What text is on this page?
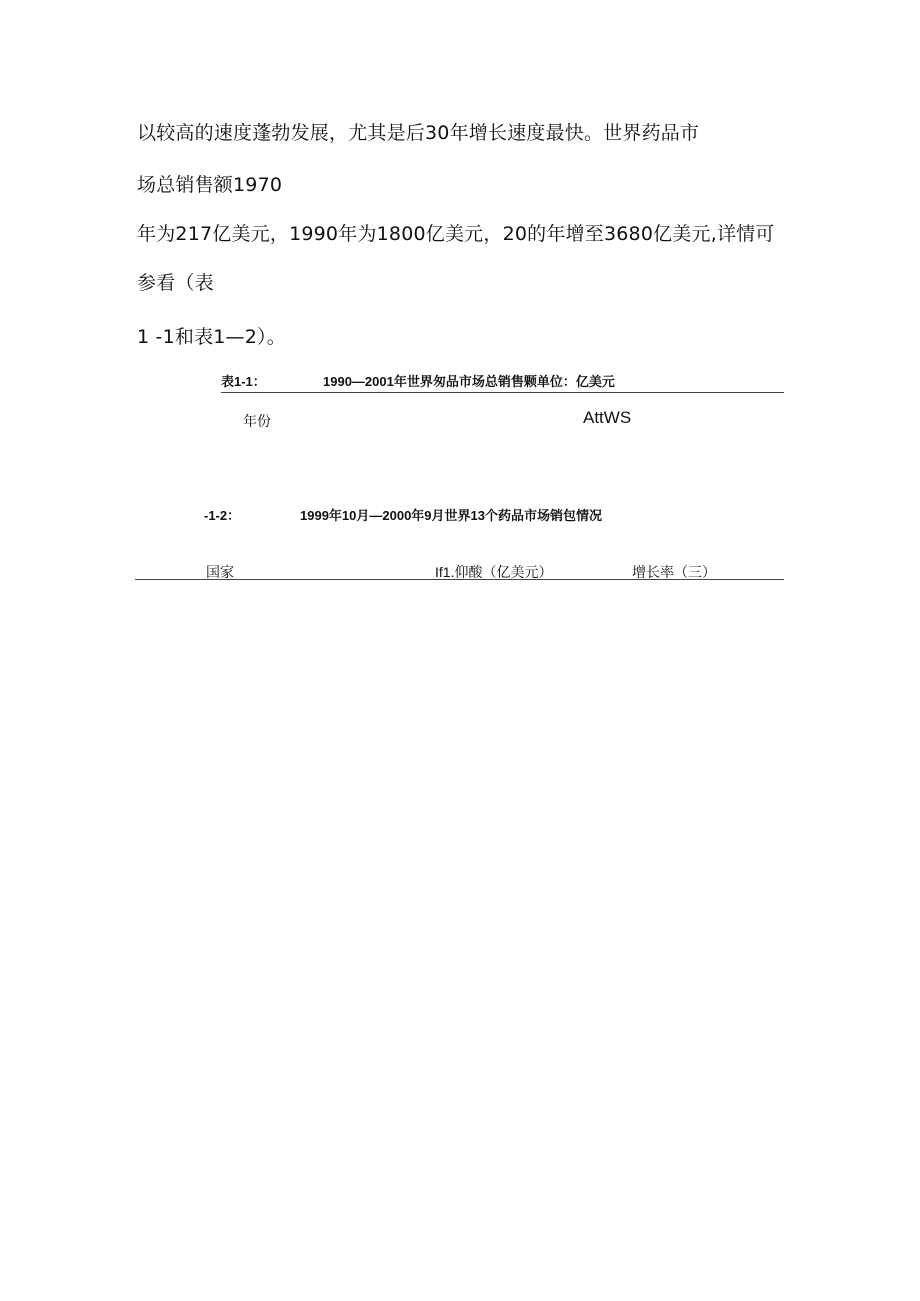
以较高的速度蓬勃发展，尤其是后30年增长速度最快。世界药品市
场总销售额1970
年为217亿美元，1990年为1800亿美元，20的年增至3680亿美元,详情可
参看（表
1 -1和表1—2）。
表1-1：	1990—2001年世界匆品市场总销售颗单位：亿美元
年份	AttWS
-1-2：	1999年10月—2000年9月世界13个药品市场销包情况
国家	If1.仰酸（亿美元）	增长率（三）
